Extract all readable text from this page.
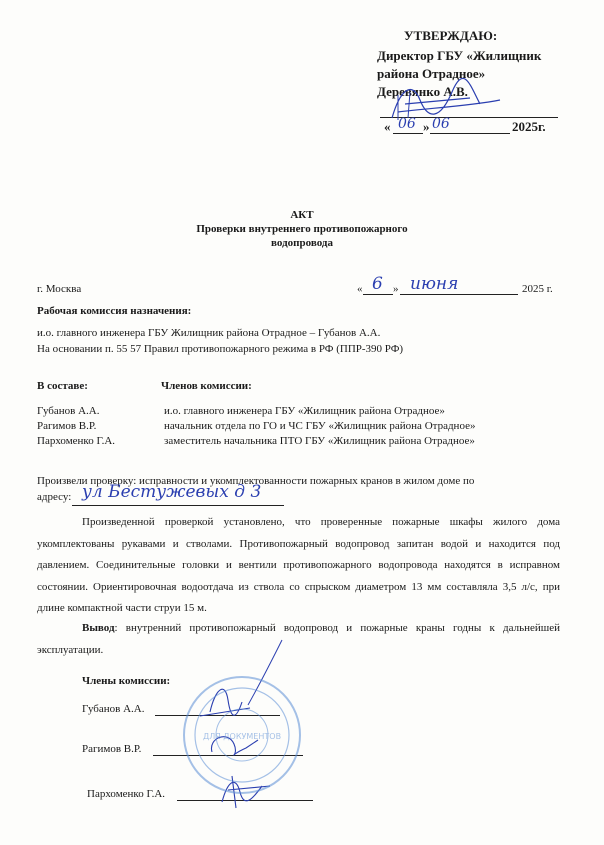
УТВЕРЖДАЮ:
Директор ГБУ «Жилищник
района Отрадное»
Деревянко А.В.
« 06 » 06	2025г.
АКТ
Проверки внутреннего противопожарного
водопровода
г. Москва	« 6 » июня	2025 г.
Рабочая комиссия назначения:
и.о. главного инженера ГБУ Жилищник района Отрадное – Губанов А.А.
На основании п. 55 57 Правил противопожарного режима в РФ (ППР-390 РФ)
В составе:	Членов комиссии:
Губанов А.А.	и.о. главного инженера ГБУ «Жилищник района Отрадное»
Рагимов В.Р.	начальник отдела по ГО и ЧС ГБУ «Жилищник района Отрадное»
Пархоменко Г.А.	заместитель начальника ПТО ГБУ «Жилищник района Отрадное»
Произвели проверку: исправности и укомплектованности пожарных кранов в жилом доме по
адресу: ул Бестужевых д 3
Произведенной проверкой установлено, что проверенные пожарные шкафы жилого дома укомплектованы рукавами и стволами. Противопожарный водопровод запитан водой и находится под давлением. Соединительные головки и вентили противопожарного водопровода находятся в исправном состоянии. Ориентировочная водоотдача из ствола со спрыском диаметром 13 мм составляла 3,5 л/с, при длине компактной части струи 15 м.
Вывод: внутренний противопожарный водопровод и пожарные краны годны к дальнейшей эксплуатации.
Члены комиссии:
Губанов А.А.
Рагимов В.Р.
Пархоменко Г.А.
ДЛЯ ДОКУМЕНТОВ
